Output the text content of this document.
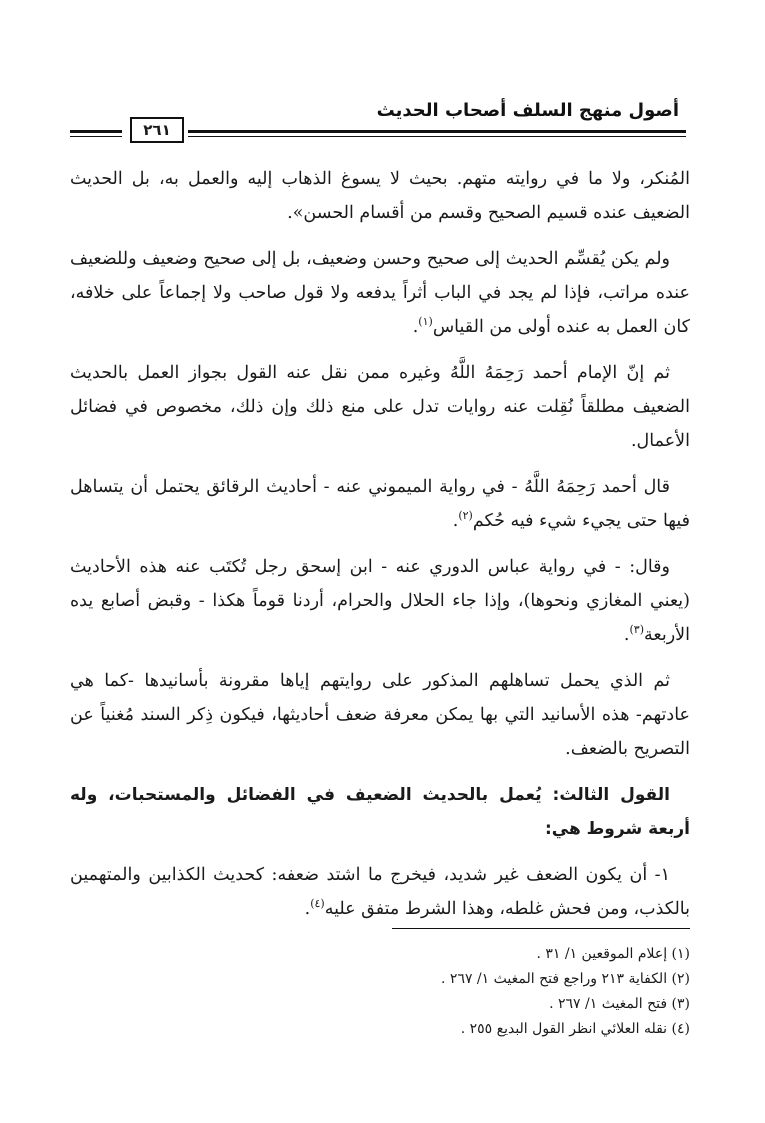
أصول منهج السلف أصحاب الحديث
٢٦١

المُنكر، ولا ما في روايته متهم. بحيث لا يسوغ الذهاب إليه والعمل به، بل الحديث الضعيف عنده قسيم الصحيح وقسم من أقسام الحسن».

ولم يكن يُقسِّم الحديث إلى صحيح وحسن وضعيف، بل إلى صحيح وضعيف وللضعيف عنده مراتب، فإذا لم يجد في الباب أثراً يدفعه ولا قول صاحب ولا إجماعاً على خلافه، كان العمل به عنده أولى من القياس$^{(١)}$.

ثم إنّ الإمام أحمد رَحِمَهُ اللَّهُ وغيره ممن نقل عنه القول بجواز العمل بالحديث الضعيف مطلقاً نُقِلت عنه روايات تدل على منع ذلك وإن ذلك، مخصوص في فضائل الأعمال.

قال أحمد رَحِمَهُ اللَّهُ - في رواية الميموني عنه - أحاديث الرقائق يحتمل أن يتساهل فيها حتى يجيء شيء فيه حُكم$^{(٢)}$.

وقال: - في رواية عباس الدوري عنه - ابن إسحق رجل تُكتَب عنه هذه الأحاديث (يعني المغازي ونحوها)، وإذا جاء الحلال والحرام، أردنا قوماً هكذا - وقبض أصابع يده الأربعة$^{(٣)}$.

ثم الذي يحمل تساهلهم المذكور على روايتهم إياها مقرونة بأسانيدها -كما هي عادتهم- هذه الأسانيد التي بها يمكن معرفة ضعف أحاديثها، فيكون ذِكر السند مُغنياً عن التصريح بالضعف.

القول الثالث: يُعمل بالحديث الضعيف في الفضائل والمستحبات، وله أربعة شروط هي:

١- أن يكون الضعف غير شديد، فيخرج ما اشتد ضعفه: كحديث الكذابين والمتهمين بالكذب، ومن فحش غلطه، وهذا الشرط متفق عليه$^{(٤)}$.

(١) إعلام الموقعين ١/ ٣١ .
(٢) الكفاية ٢١٣ وراجع فتح المغيث ١/ ٢٦٧ .
(٣) فتح المغيث ١/ ٢٦٧ .
(٤) نقله العلائي انظر القول البديع ٢٥٥ .
